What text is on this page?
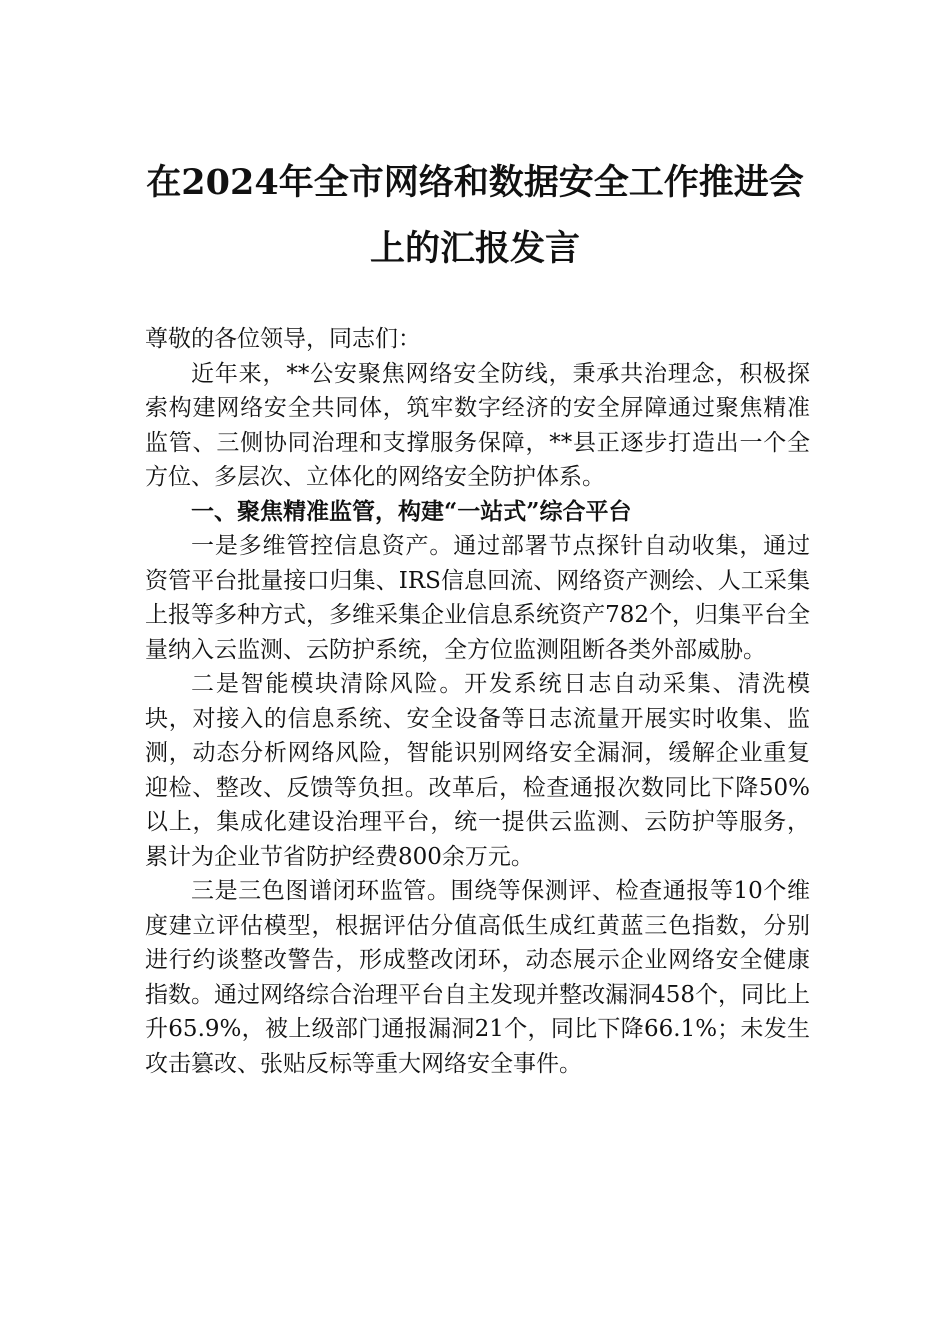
在2024年全市网络和数据安全工作推进会
上的汇报发言

尊敬的各位领导，同志们：

近年来，**公安聚焦网络安全防线，秉承共治理念，积极探索构建网络安全共同体，筑牢数字经济的安全屏障通过聚焦精准监管、三侧协同治理和支撑服务保障，**县正逐步打造出一个全方位、多层次、立体化的网络安全防护体系。

一、聚焦精准监管，构建“一站式”综合平台

一是多维管控信息资产。通过部署节点探针自动收集，通过资管平台批量接口归集、IRS信息回流、网络资产测绘、人工采集上报等多种方式，多维采集企业信息系统资产782个，归集平台全量纳入云监测、云防护系统，全方位监测阻断各类外部威胁。

二是智能模块清除风险。开发系统日志自动采集、清洗模块，对接入的信息系统、安全设备等日志流量开展实时收集、监测，动态分析网络风险，智能识别网络安全漏洞，缓解企业重复迎检、整改、反馈等负担。改革后，检查通报次数同比下降50%以上，集成化建设治理平台，统一提供云监测、云防护等服务，累计为企业节省防护经费800余万元。

三是三色图谱闭环监管。围绕等保测评、检查通报等10个维度建立评估模型，根据评估分值高低生成红黄蓝三色指数，分别进行约谈整改警告，形成整改闭环，动态展示企业网络安全健康指数。通过网络综合治理平台自主发现并整改漏洞458个，同比上升65.9%，被上级部门通报漏洞21个，同比下降66.1%；未发生攻击篡改、张贴反标等重大网络安全事件。
